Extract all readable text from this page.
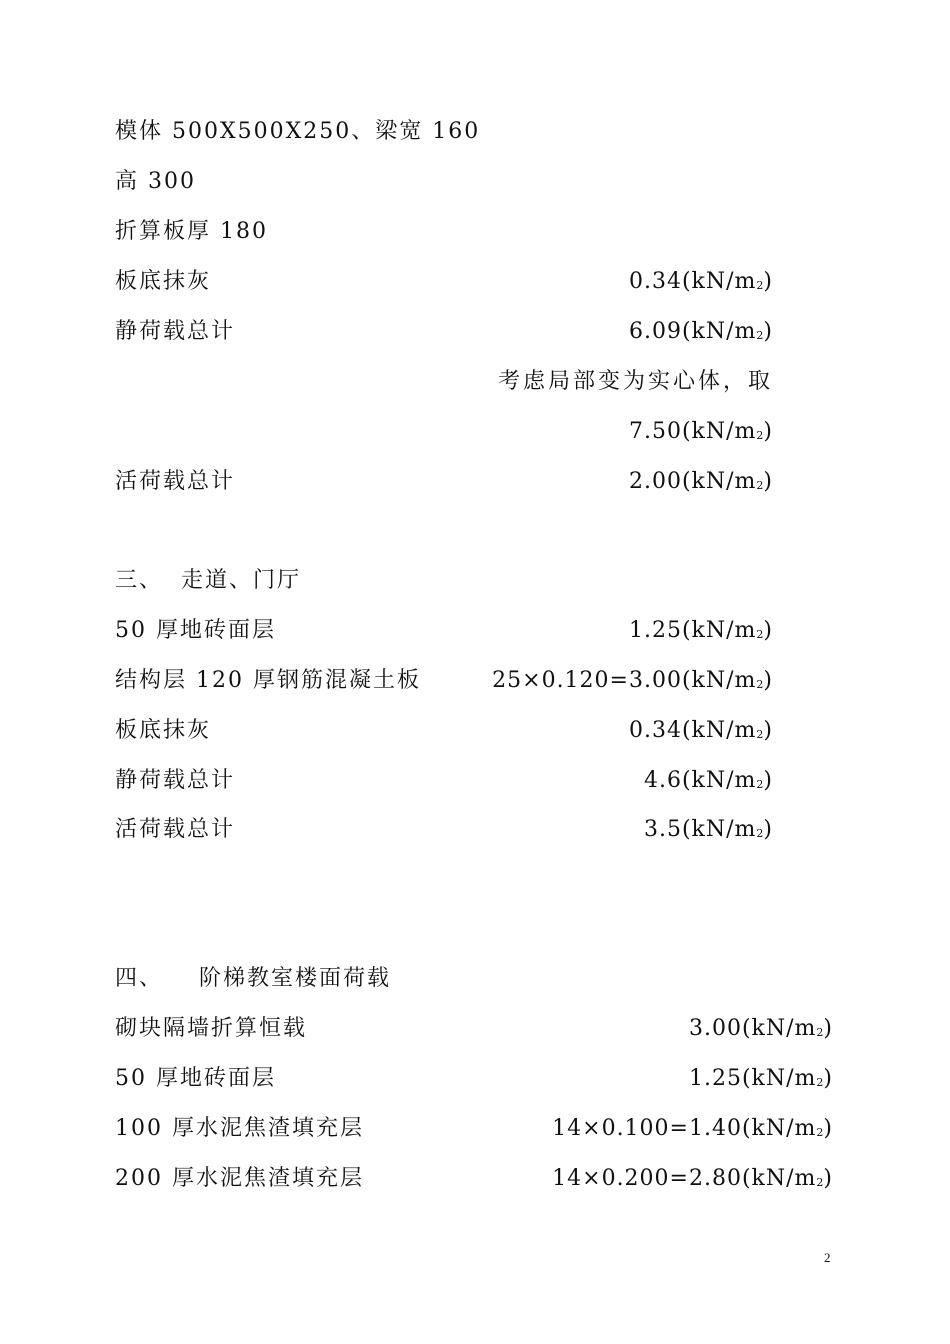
模体 500X500X250、梁宽 160
高 300
折算板厚 180
板底抹灰	$0.34(kN/m_2)$
静荷载总计	$6.09(kN/m_2)$
考虑局部变为实心体，取
$7.50(kN/m_2)$
活荷载总计	$2.00(kN/m_2)$
三、  走道、门厅
50 厚地砖面层	$1.25(kN/m_2)$
结构层 120 厚钢筋混凝土板	$25\times 0.120=3.00(kN/m_2)$
板底抹灰	$0.34(kN/m_2)$
静荷载总计	$4.6(kN/m_2)$
活荷载总计	$3.5(kN/m_2)$
四、    阶梯教室楼面荷载
砌块隔墙折算恒载	$3.00(kN/m_2)$
50 厚地砖面层	$1.25(kN/m_2)$
100 厚水泥焦渣填充层	$14\times 0.100=1.40(kN/m_2)$
200 厚水泥焦渣填充层	$14\times 0.200=2.80(kN/m_2)$
2
